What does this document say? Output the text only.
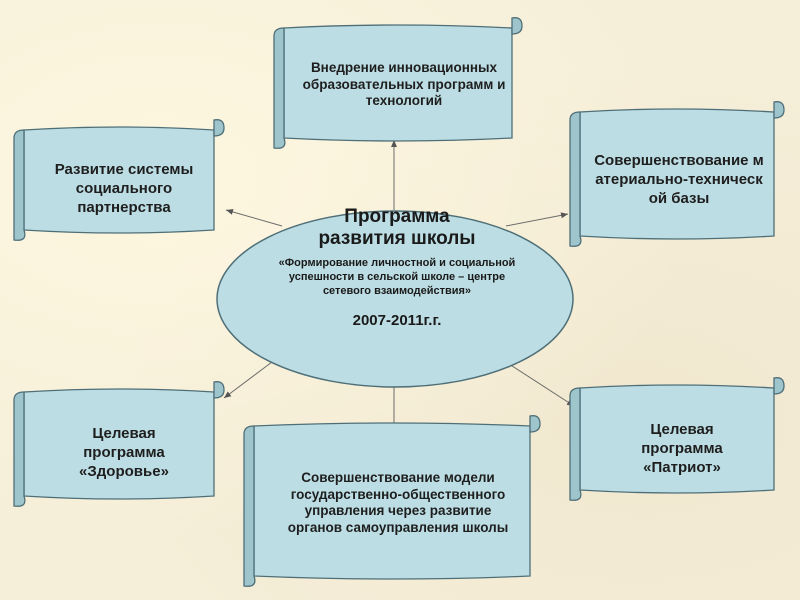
Внедрение инновационных образовательных программ и технологий
Развитие системы социального партнерства
Совершенствование материально-технической базы
Целевая программа «Здоровье»	Совершенствование модели государственно-общественного управления через развитие органов самоуправления школы
Целевая программа «Патриот»
Программа
развития школы
«Формирование личностной и социальной успешности в сельской школе – центре сетевого взаимодействия»
2007-2011г.г.
